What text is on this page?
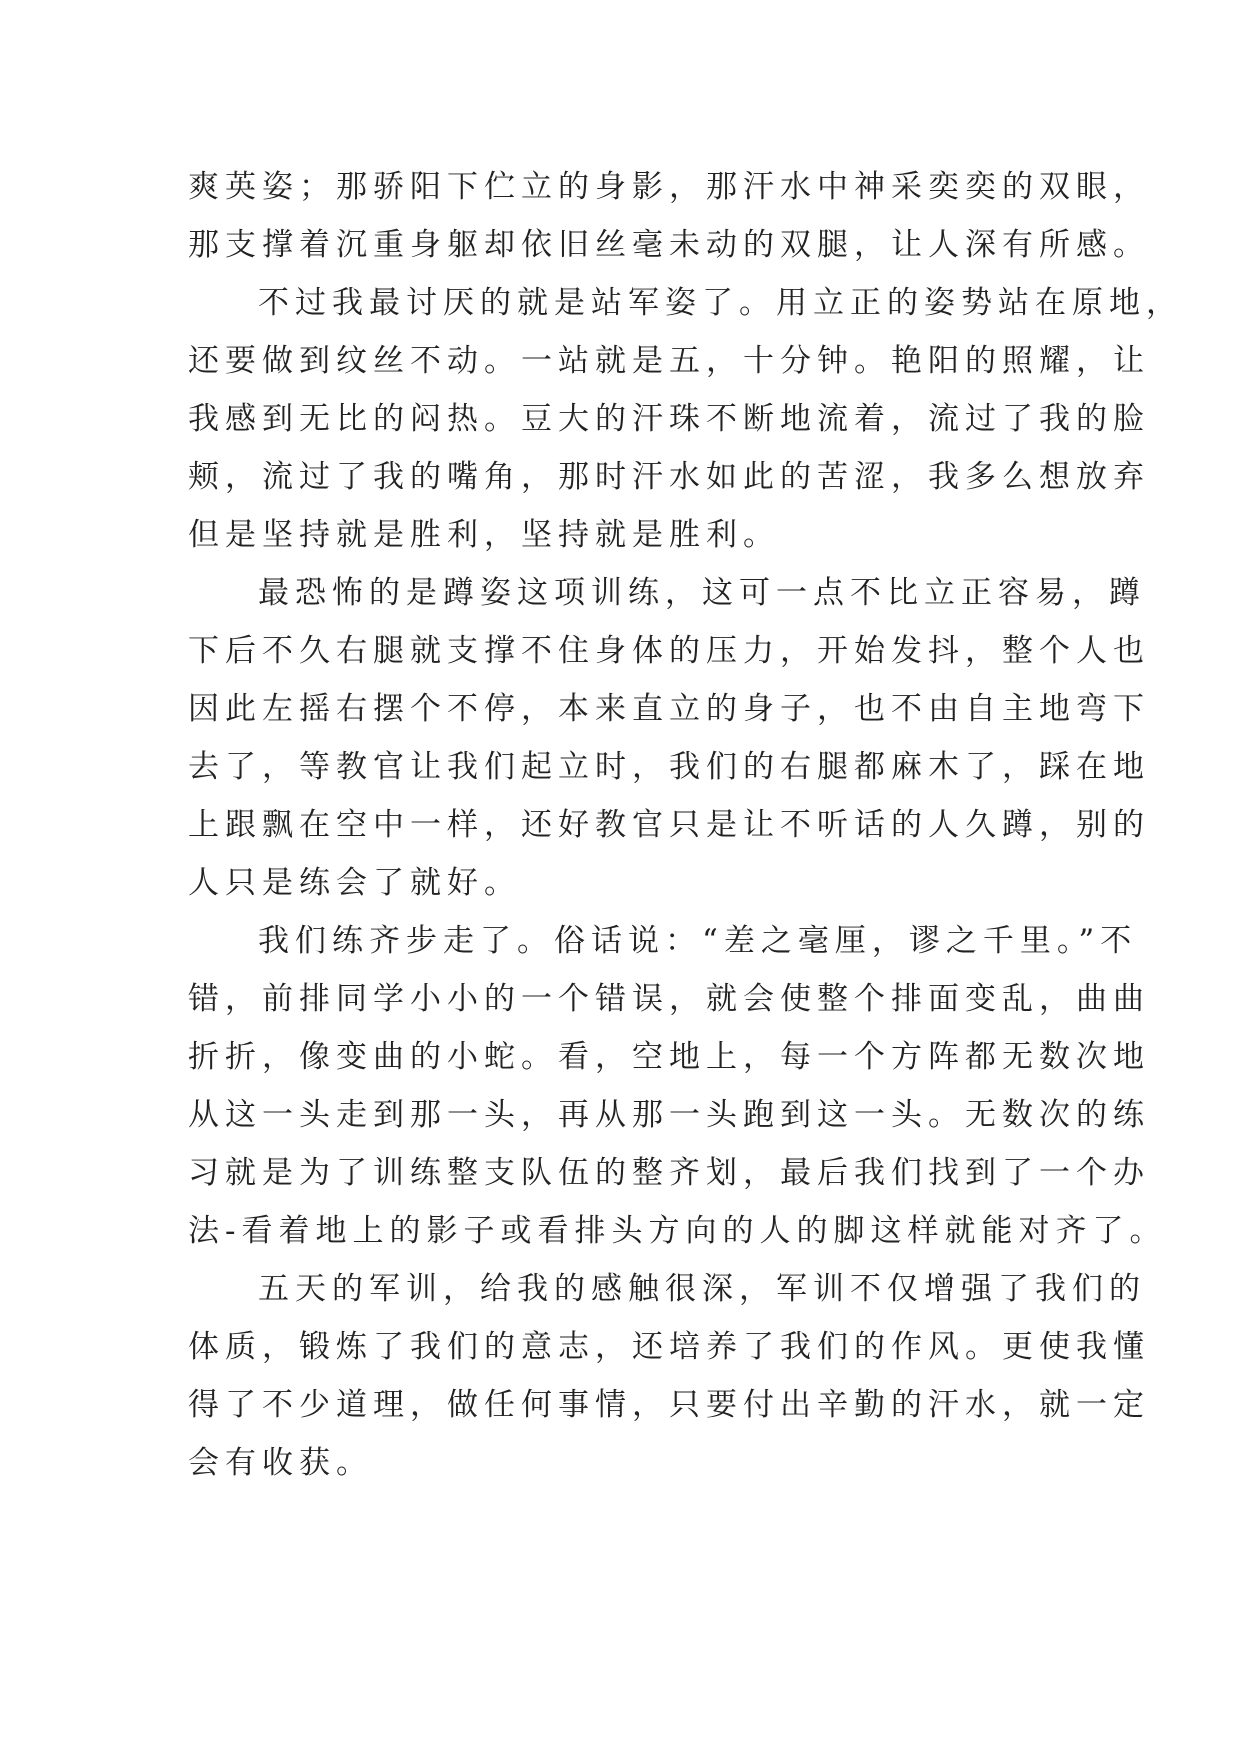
爽英姿；那骄阳下伫立的身影，那汗水中神采奕奕的双眼，
那支撑着沉重身躯却依旧丝毫未动的双腿，让人深有所感。
不过我最讨厌的就是站军姿了。用立正的姿势站在原地，
还要做到纹丝不动。一站就是五，十分钟。艳阳的照耀，让
我感到无比的闷热。豆大的汗珠不断地流着，流过了我的脸
颊，流过了我的嘴角，那时汗水如此的苦涩，我多么想放弃
但是坚持就是胜利，坚持就是胜利。
最恐怖的是蹲姿这项训练，这可一点不比立正容易，蹲
下后不久右腿就支撑不住身体的压力，开始发抖，整个人也
因此左摇右摆个不停，本来直立的身子，也不由自主地弯下
去了，等教官让我们起立时，我们的右腿都麻木了，踩在地
上跟飘在空中一样，还好教官只是让不听话的人久蹲，别的
人只是练会了就好。
我们练齐步走了。俗话说：“差之毫厘，谬之千里。”不
错，前排同学小小的一个错误，就会使整个排面变乱，曲曲
折折，像变曲的小蛇。看，空地上，每一个方阵都无数次地
从这一头走到那一头，再从那一头跑到这一头。无数次的练
习就是为了训练整支队伍的整齐划，最后我们找到了一个办
法-看着地上的影子或看排头方向的人的脚这样就能对齐了。
五天的军训，给我的感触很深，军训不仅增强了我们的
体质，锻炼了我们的意志，还培养了我们的作风。更使我懂
得了不少道理，做任何事情，只要付出辛勤的汗水，就一定
会有收获。
